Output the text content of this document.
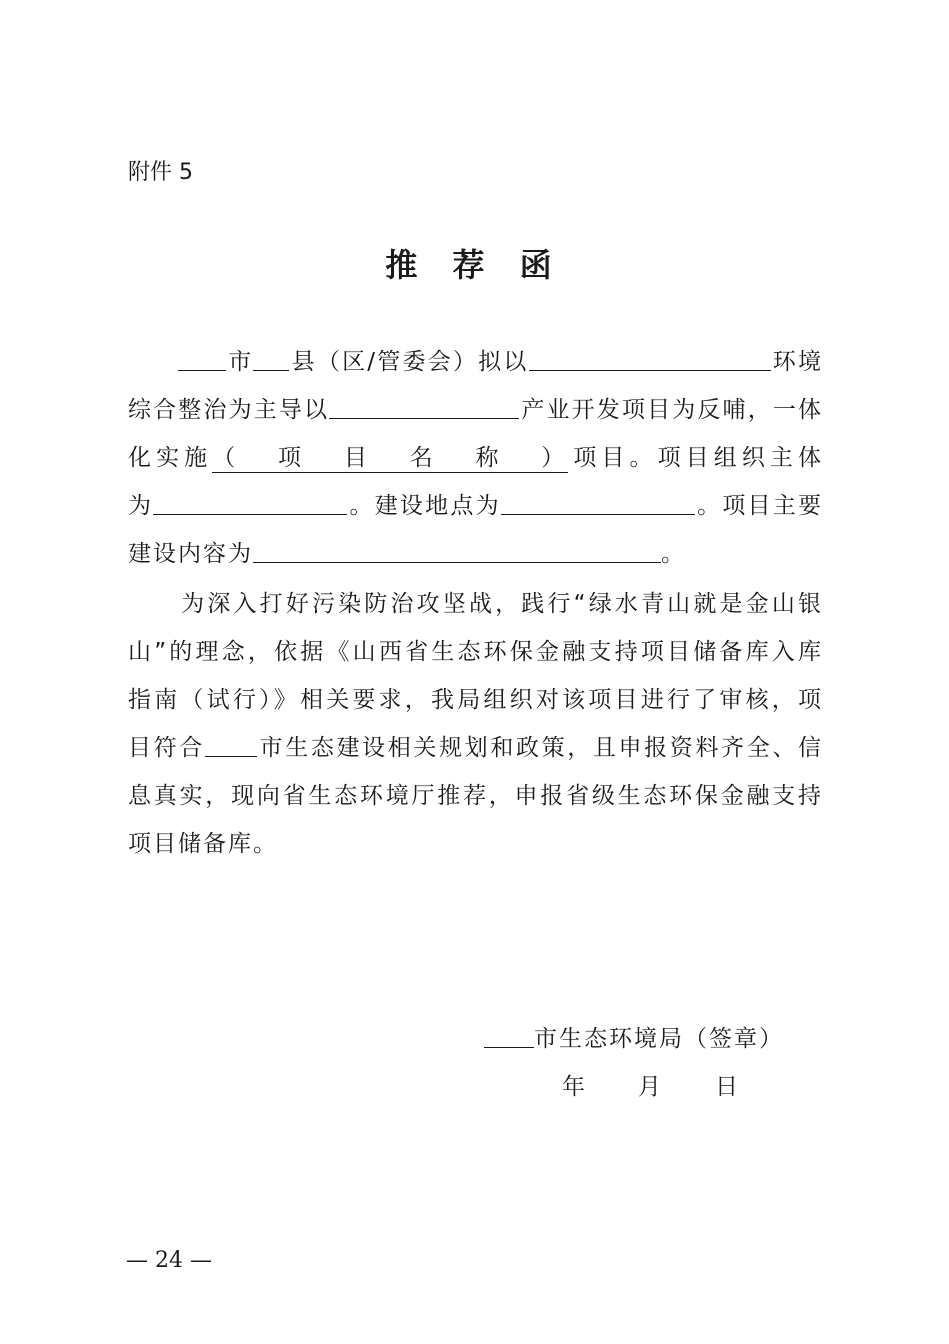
附件 5
推 荐 函
市 县（区/管委会）拟以	环境
综合整治为主导以	产业开发项目为反哺，一体
化实施（项目名称）项目。项目组织主体
为	。建设地点为	。项目主要
建设内容为	。
为深入打好污染防治攻坚战，践行“绿水青山就是金山银
山”的理念，依据《山西省生态环保金融支持项目储备库入库
指南（试行）》相关要求，我局组织对该项目进行了审核，项
目符合 市生态建设相关规划和政策，且申报资料齐全、信
息真实，现向省生态环境厅推荐，申报省级生态环保金融支持
项目储备库。
市生态环境局（签章）
年 月 日
— 24 —
